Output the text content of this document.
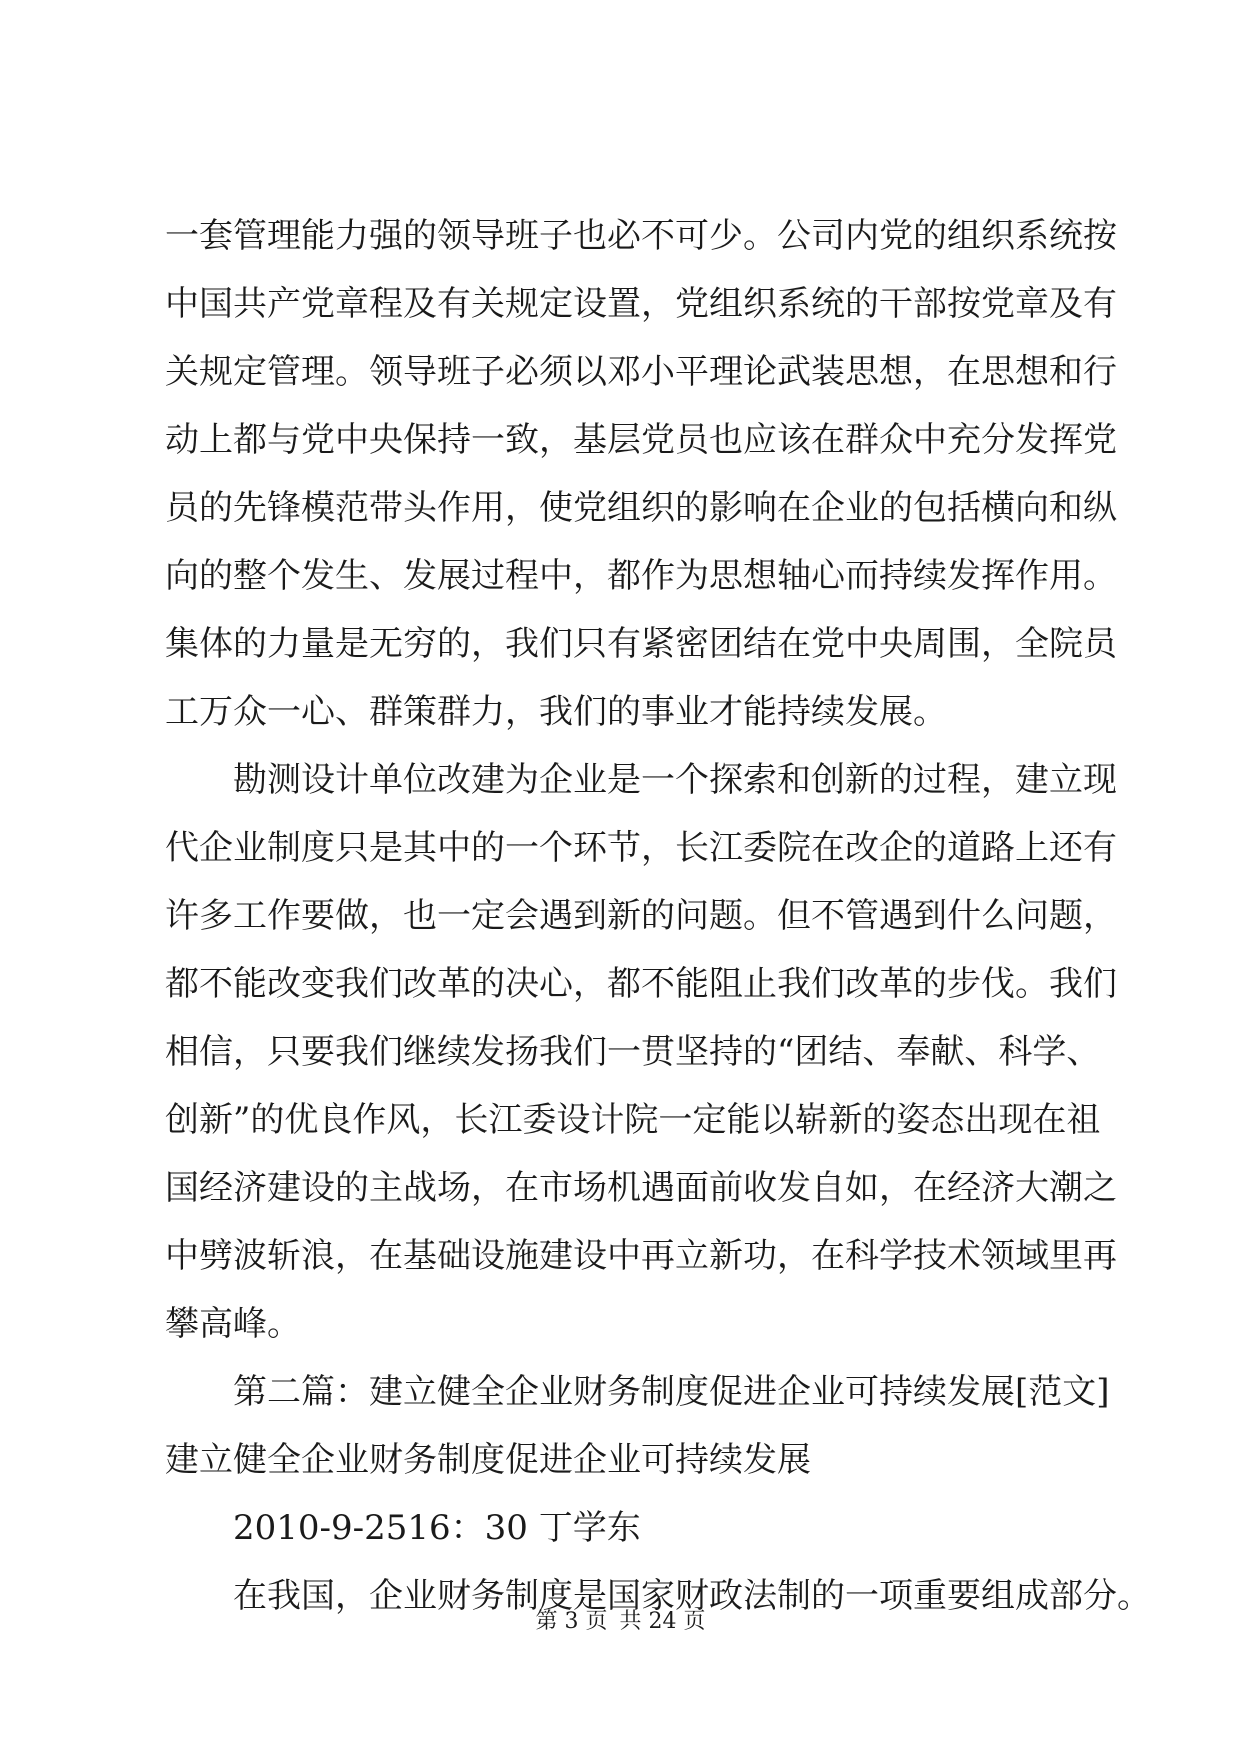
一套管理能力强的领导班子也必不可少。公司内党的组织系统按
中国共产党章程及有关规定设置，党组织系统的干部按党章及有
关规定管理。领导班子必须以邓小平理论武装思想，在思想和行
动上都与党中央保持一致，基层党员也应该在群众中充分发挥党
员的先锋模范带头作用，使党组织的影响在企业的包括横向和纵
向的整个发生、发展过程中，都作为思想轴心而持续发挥作用。
集体的力量是无穷的，我们只有紧密团结在党中央周围，全院员
工万众一心、群策群力，我们的事业才能持续发展。
勘测设计单位改建为企业是一个探索和创新的过程，建立现
代企业制度只是其中的一个环节，长江委院在改企的道路上还有
许多工作要做，也一定会遇到新的问题。但不管遇到什么问题，
都不能改变我们改革的决心，都不能阻止我们改革的步伐。我们
相信，只要我们继续发扬我们一贯坚持的“团结、奉献、科学、
创新”的优良作风，长江委设计院一定能以崭新的姿态出现在祖
国经济建设的主战场，在市场机遇面前收发自如，在经济大潮之
中劈波斩浪，在基础设施建设中再立新功，在科学技术领域里再
攀高峰。
第二篇：建立健全企业财务制度促进企业可持续发展[范文]
建立健全企业财务制度促进企业可持续发展
2010-9-2516：30 丁学东
在我国，企业财务制度是国家财政法制的一项重要组成部分。
第 3 页 共 24 页
